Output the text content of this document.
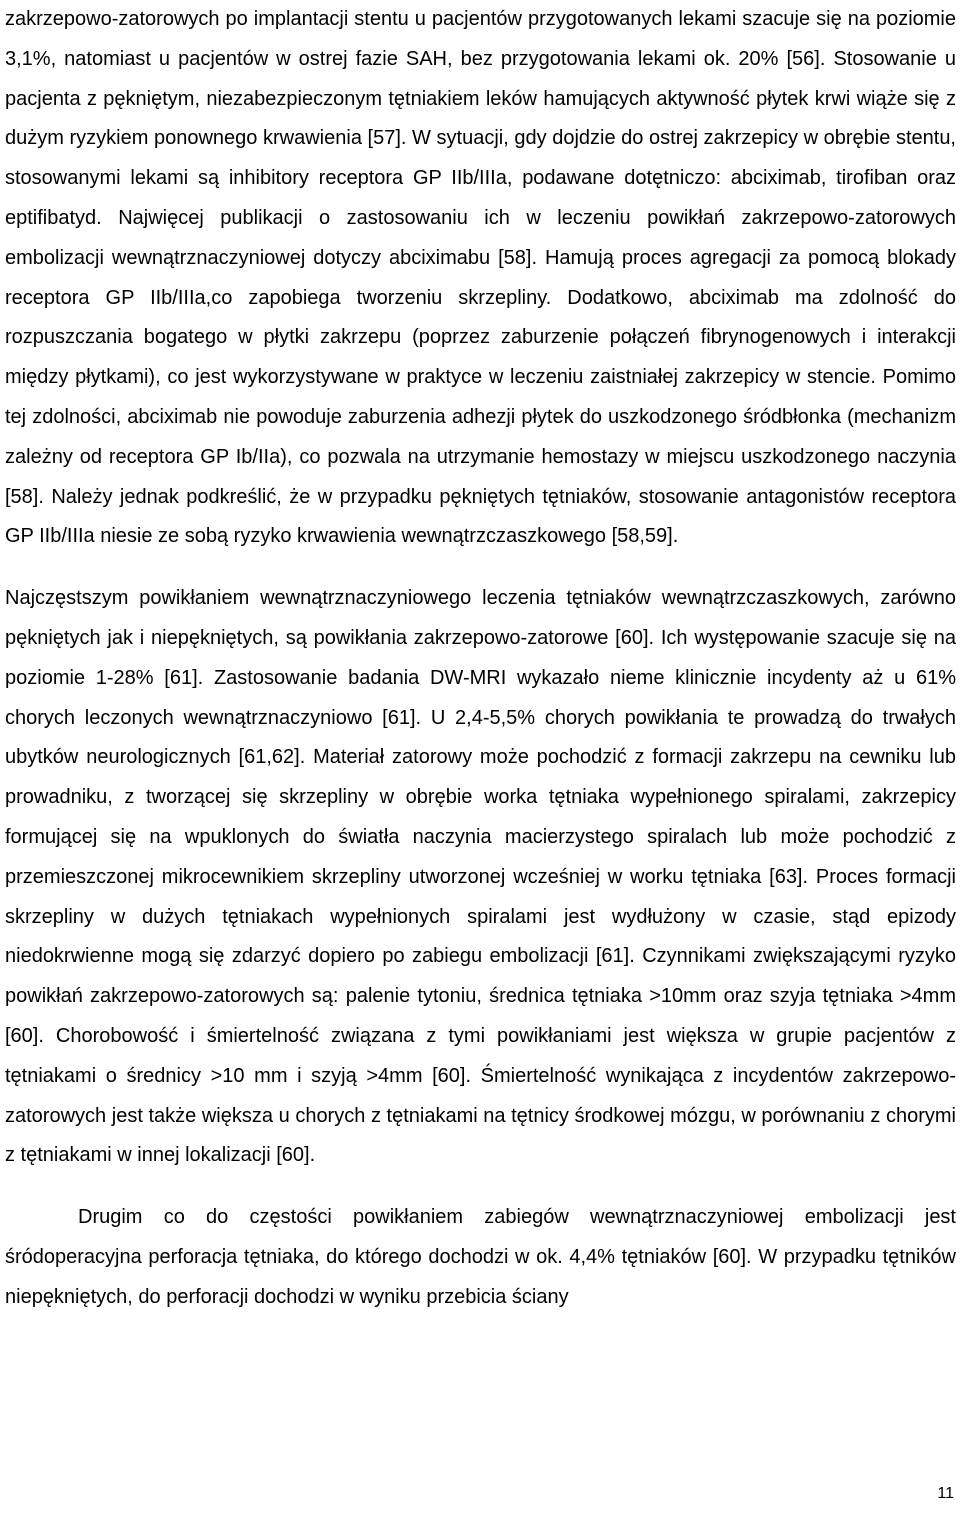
zakrzepowo-zatorowych po implantacji stentu u pacjentów przygotowanych lekami szacuje się na poziomie 3,1%, natomiast u pacjentów w ostrej fazie SAH, bez przygotowania lekami ok. 20% [56]. Stosowanie u pacjenta z pękniętym, niezabezpieczonym tętniakiem leków hamujących aktywność płytek krwi wiąże się z dużym ryzykiem ponownego krwawienia [57]. W sytuacji, gdy dojdzie do ostrej zakrzepicy w obrębie stentu, stosowanymi lekami są inhibitory receptora GP IIb/IIIa, podawane dotętniczo: abciximab, tirofiban oraz eptifibatyd. Najwięcej publikacji o zastosowaniu ich w leczeniu powikłań zakrzepowo-zatorowych embolizacji wewnątrznaczyniowej dotyczy abciximabu [58]. Hamują proces agregacji za pomocą blokady receptora GP IIb/IIIa,co zapobiega tworzeniu skrzepliny. Dodatkowo, abciximab ma zdolność do rozpuszczania bogatego w płytki zakrzepu (poprzez zaburzenie połączeń fibrynogenowych i interakcji między płytkami), co jest wykorzystywane w praktyce w leczeniu zaistniałej zakrzepicy w stencie. Pomimo tej zdolności, abciximab nie powoduje zaburzenia adhezji płytek do uszkodzonego śródbłonka (mechanizm zależny od receptora GP Ib/IIa), co pozwala na utrzymanie hemostazy w miejscu uszkodzonego naczynia [58]. Należy jednak podkreślić, że w przypadku pękniętych tętniaków, stosowanie antagonistów receptora GP IIb/IIIa niesie ze sobą ryzyko krwawienia wewnątrzczaszkowego [58,59].

Najczęstszym powikłaniem wewnątrznaczyniowego leczenia tętniaków wewnątrzczaszkowych, zarówno pękniętych jak i niepękniętych, są powikłania zakrzepowo-zatorowe [60]. Ich występowanie szacuje się na poziomie 1-28% [61]. Zastosowanie badania DW-MRI wykazało nieme klinicznie incydenty aż u 61% chorych leczonych wewnątrznaczyniowo [61]. U 2,4-5,5% chorych powikłania te prowadzą do trwałych ubytków neurologicznych [61,62]. Materiał zatorowy może pochodzić z formacji zakrzepu na cewniku lub prowadniku, z tworzącej się skrzepliny w obrębie worka tętniaka wypełnionego spiralami, zakrzepicy formującej się na wpuklonych do światła naczynia macierzystego spiralach lub może pochodzić z przemieszczonej mikrocewnikiem skrzepliny utworzonej wcześniej w worku tętniaka [63]. Proces formacji skrzepliny w dużych tętniakach wypełnionych spiralami jest wydłużony w czasie, stąd epizody niedokrwienne mogą się zdarzyć dopiero po zabiegu embolizacji [61]. Czynnikami zwiększającymi ryzyko powikłań zakrzepowo-zatorowych są: palenie tytoniu, średnica tętniaka >10mm oraz szyja tętniaka >4mm [60]. Chorobowość i śmiertelność związana z tymi powikłaniami jest większa w grupie pacjentów z tętniakami o średnicy >10 mm i szyją >4mm [60]. Śmiertelność wynikająca z incydentów zakrzepowo-zatorowych jest także większa u chorych z tętniakami na tętnicy środkowej mózgu, w porównaniu z chorymi z tętniakami w innej lokalizacji [60].

Drugim co do częstości powikłaniem zabiegów wewnątrznaczyniowej embolizacji jest śródoperacyjna perforacja tętniaka, do którego dochodzi w ok. 4,4% tętniaków [60]. W przypadku tętników niepękniętych, do perforacji dochodzi w wyniku przebicia ściany

11
